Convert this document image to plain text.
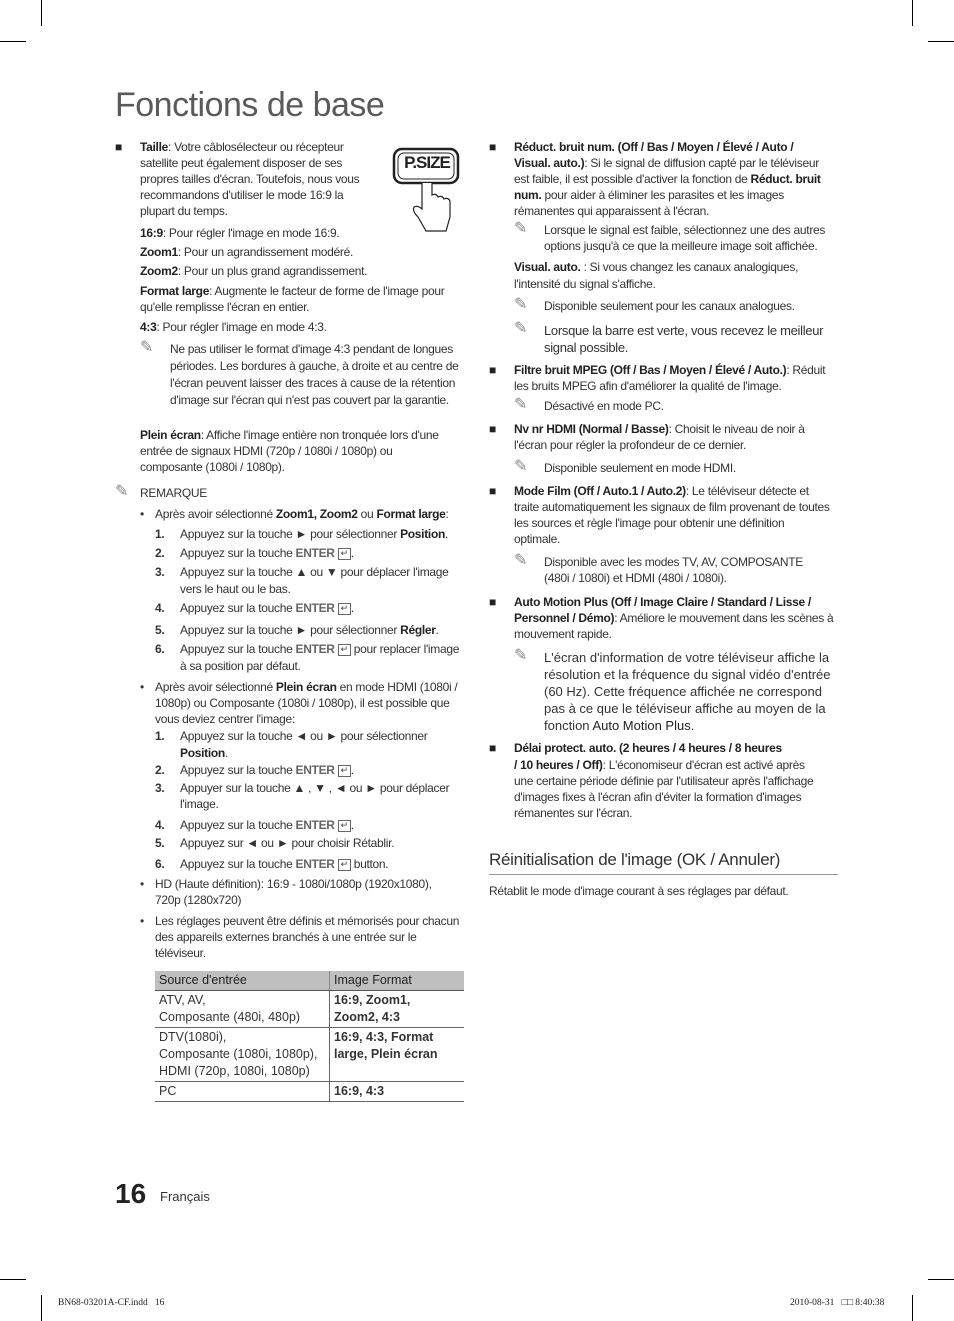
Fonctions de base
P.SIZE
■ Taille: Votre câblosélecteur ou récepteur satellite peut également disposer de ses propres tailles d'écran. Toutefois, nous vous recommandons d'utiliser le mode 16:9 la plupart du temps.
16:9: Pour régler l'image en mode 16:9.
Zoom1: Pour un agrandissement modéré.
Zoom2: Pour un plus grand agrandissement.
Format large: Augmente le facteur de forme de l'image pour qu'elle remplisse l'écran en entier.
4:3: Pour régler l'image en mode 4:3.
✎ Ne pas utiliser le format d'image 4:3 pendant de longues périodes. Les bordures à gauche, à droite et au centre de l'écran peuvent laisser des traces à cause de la rétention d'image sur l'écran qui n'est pas couvert par la garantie.
Plein écran: Affiche l'image entière non tronquée lors d'une entrée de signaux HDMI (720p / 1080i / 1080p) ou composante (1080i / 1080p).
✎ REMARQUE
• Après avoir sélectionné Zoom1, Zoom2 ou Format large:
1. Appuyez sur la touche ► pour sélectionner Position.
2. Appuyez sur la touche ENTER ↵ .
3. Appuyez sur la touche ▲ ou ▼ pour déplacer l'image vers le haut ou le bas.
4. Appuyez sur la touche ENTER ↵ .
5. Appuyez sur la touche ► pour sélectionner Régler.
6. Appuyez sur la touche ENTER ↵ pour replacer l'image à sa position par défaut.
• Après avoir sélectionné Plein écran en mode HDMI (1080i / 1080p) ou Composante (1080i / 1080p), il est possible que vous deviez centrer l'image:
1. Appuyez sur la touche ◄ ou ► pour sélectionner Position.
2. Appuyez sur la touche ENTER ↵ .
3. Appuyer sur la touche ▲ , ▼ , ◄ ou ► pour déplacer l'image.
4. Appuyez sur la touche ENTER ↵ .
5. Appuyez sur ◄ ou ► pour choisir Rétablir.
6. Appuyez sur la touche ENTER ↵ button.
• HD (Haute définition): 16:9 - 1080i/1080p (1920x1080), 720p (1280x720)
• Les réglages peuvent être définis et mémorisés pour chacun des appareils externes branchés à une entrée sur le téléviseur.
Source d'entrée	Image Format
ATV, AV,
Composante (480i, 480p)	16:9, Zoom1,
Zoom2, 4:3
DTV(1080i),
Composante (1080i, 1080p),
HDMI (720p, 1080i, 1080p)	16:9, 4:3, Format
large, Plein écran
PC	16:9, 4:3
■ Réduct. bruit num. (Off / Bas / Moyen / Élevé / Auto / Visual. auto.): Si le signal de diffusion capté par le téléviseur est faible, il est possible d'activer la fonction de Réduct. bruit num. pour aider à éliminer les parasites et les images rémanentes qui apparaissent à l'écran.
✎ Lorsque le signal est faible, sélectionnez une des autres options jusqu'à ce que la meilleure image soit affichée.
Visual. auto. : Si vous changez les canaux analogiques, l'intensité du signal s'affiche.
✎ Disponible seulement pour les canaux analogues.
✎ Lorsque la barre est verte, vous recevez le meilleur signal possible.
■ Filtre bruit MPEG (Off / Bas / Moyen / Élevé / Auto.): Réduit les bruits MPEG afin d'améliorer la qualité de l'image.
✎ Désactivé en mode PC.
■ Nv nr HDMI (Normal / Basse): Choisit le niveau de noir à l'écran pour régler la profondeur de ce dernier.
✎ Disponible seulement en mode HDMI.
■ Mode Film (Off / Auto.1 / Auto.2): Le téléviseur détecte et traite automatiquement les signaux de film provenant de toutes les sources et règle l'image pour obtenir une définition optimale.
✎ Disponible avec les modes TV, AV, COMPOSANTE (480i / 1080i) et HDMI (480i / 1080i).
■ Auto Motion Plus (Off / Image Claire / Standard / Lisse / Personnel / Démo): Améliore le mouvement dans les scènes à mouvement rapide.
✎ L'écran d'information de votre téléviseur affiche la résolution et la fréquence du signal vidéo d'entrée (60 Hz). Cette fréquence affichée ne correspond pas à ce que le téléviseur affiche au moyen de la fonction Auto Motion Plus.
■ Délai protect. auto. (2 heures / 4 heures / 8 heures
/ 10 heures / Off): L'économiseur d'écran est activé après une certaine période définie par l'utilisateur après l'affichage d'images fixes à l'écran afin d'éviter la formation d'images rémanentes sur l'écran.
Réinitialisation de l'image (OK / Annuler)
Rétablit le mode d'image courant à ses réglages par défaut.
16 Français
BN68-03201A-CF.indd   16	2010-08-31   □□ 8:40:38
